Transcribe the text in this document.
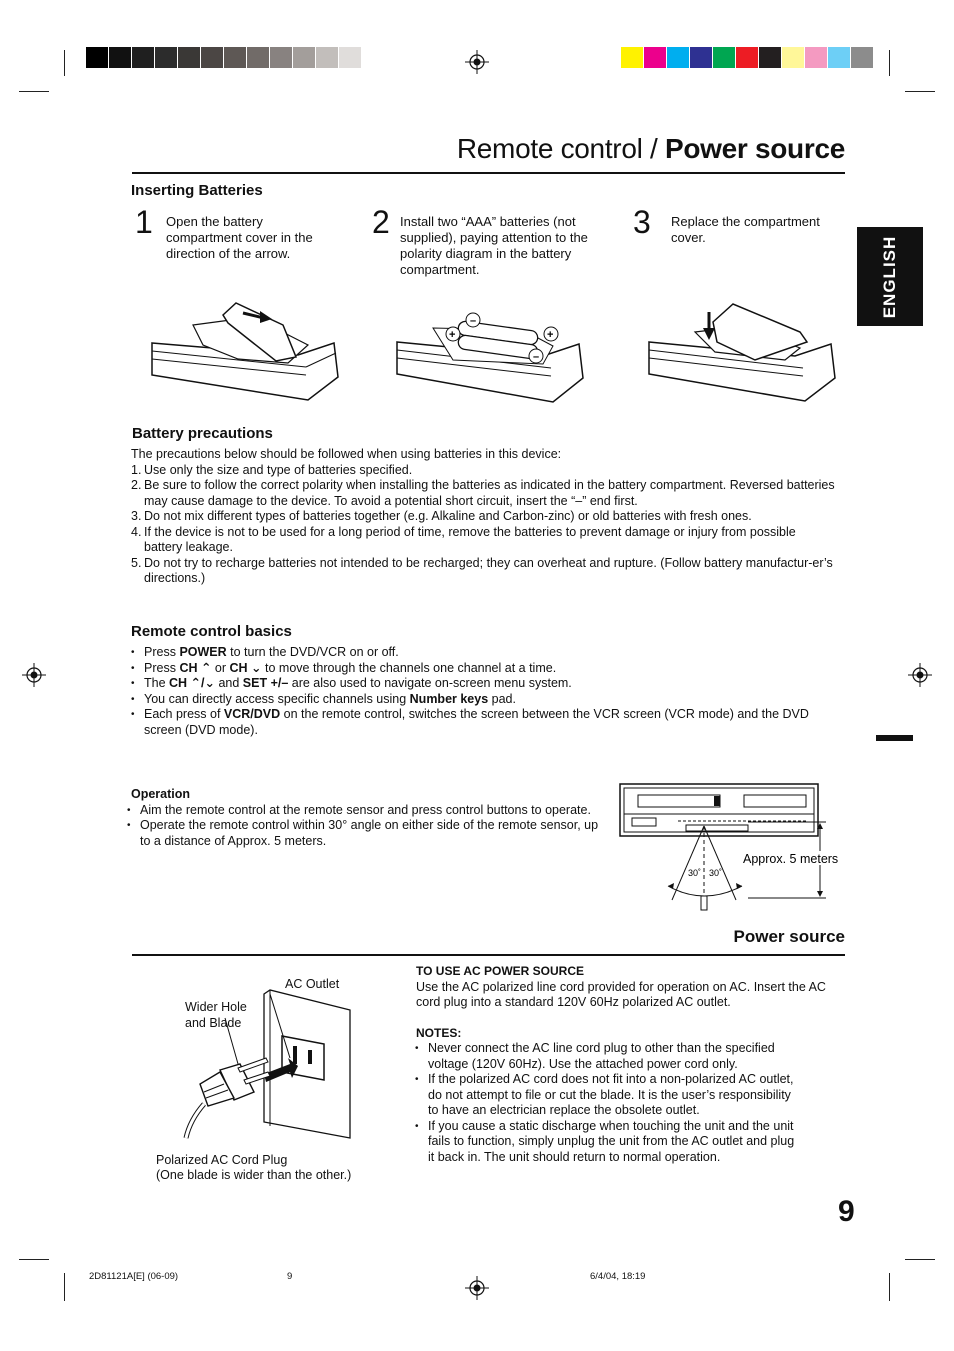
Remote control / Power source
ENGLISH
Inserting Batteries
1 Open the battery compartment cover in the direction of the arrow.
2 Install two “AAA” batteries (not supplied), paying attention to the polarity diagram in the battery compartment.
3 Replace the compartment cover.
+
–
+
–
Battery precautions

The precautions below should be followed when using batteries in this device:

1. Use only the size and type of batteries specified.
2. Be sure to follow the correct polarity when installing the batteries as indicated in the battery compartment. Reversed batteries may cause damage to the device. To avoid a potential short circuit, insert the “–” end first.
3. Do not mix different types of batteries together (e.g. Alkaline and Carbon-zinc) or old batteries with fresh ones.
4. If the device is not to be used for a long period of time, remove the batteries to prevent damage or injury from possible battery leakage.
5. Do not try to recharge batteries not intended to be recharged; they can overheat and rupture. (Follow battery manufactur-er’s directions.)
Remote control basics
• Press POWER to turn the DVD/VCR on or off.
• Press CH ⌃ or CH ⌄ to move through the channels one channel at a time.
• The CH ⌃/⌄ and SET +/– are also used to navigate on-screen menu system.
• You can directly access specific channels using Number keys pad.
• Each press of VCR/DVD on the remote control, switches the screen between the VCR screen (VCR mode) and the DVD screen (DVD mode).

Operation

• Aim the remote control at the remote sensor and press control buttons to operate.
• Operate the remote control within 30° angle on either side of the remote sensor, up to a distance of Approx. 5 meters.
30˚ 30˚
Approx. 5 meters
Power source
AC Outlet
Wider Hole and Blade
Polarized AC Cord Plug
(One blade is wider than the other.)

TO USE AC POWER SOURCE

Use the AC polarized line cord provided for operation on AC. Insert the AC cord plug into a standard 120V 60Hz polarized AC outlet.

NOTES:

• Never connect the AC line cord plug to other than the specified voltage (120V 60Hz). Use the attached power cord only.
• If the polarized AC cord does not fit into a non-polarized AC outlet, do not attempt to file or cut the blade. It is the user’s responsibility to have an electrician replace the obsolete outlet.
• If you cause a static discharge when touching the unit and the unit fails to function, simply unplug the unit from the AC outlet and plug it back in. The unit should return to normal operation.
9
2D81121A[E] (06-09)	9	6/4/04, 18:19
